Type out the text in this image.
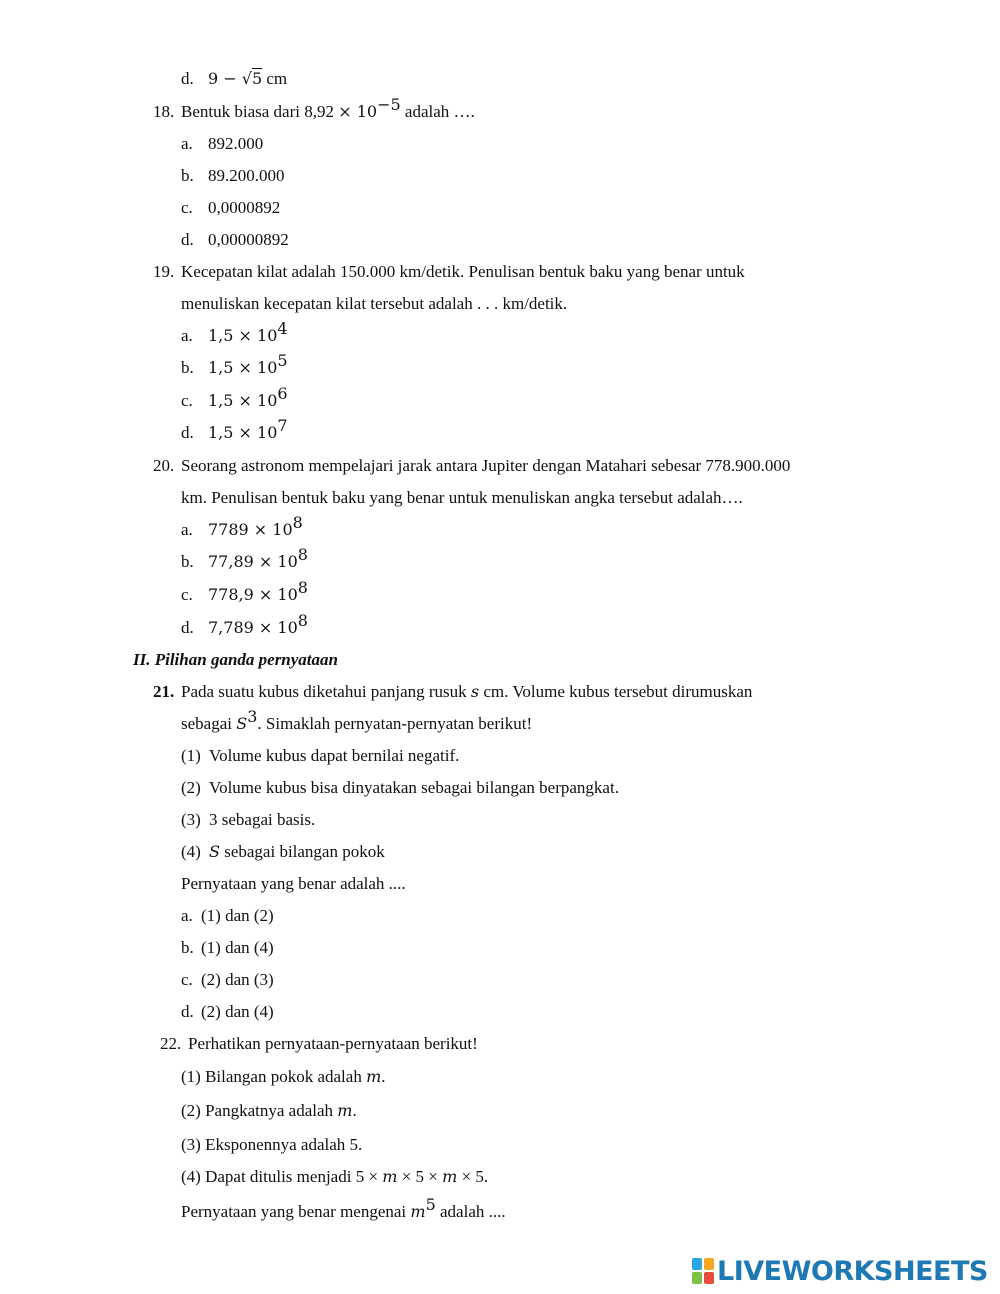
d. 9 − √5 cm
18. Bentuk biasa dari $8,92 \times 10^{-5}$ adalah ….
a. 892.000
b. 89.200.000
c. 0,0000892
d. 0,00000892
19. Kecepatan kilat adalah 150.000 km/detik. Penulisan bentuk baku yang benar untuk
menuliskan kecepatan kilat tersebut adalah . . . km/detik.
a. $1,5 \times 10^4$
b. $1,5 \times 10^5$
c. $1,5 \times 10^6$
d. $1,5 \times 10^7$
20. Seorang astronom mempelajari jarak antara Jupiter dengan Matahari sebesar 778.900.000
km. Penulisan bentuk baku yang benar untuk menuliskan angka tersebut adalah….
a. $7789 \times 10^8$
b. $77,89 \times 10^8$
c. $778,9 \times 10^8$
d. $7,789 \times 10^8$
II. Pilihan ganda pernyataan
21. Pada suatu kubus diketahui panjang rusuk s cm. Volume kubus tersebut dirumuskan
sebagai $S^3$. Simaklah pernyatan-pernyatan berikut!
(1) Volume kubus dapat bernilai negatif.
(2) Volume kubus bisa dinyatakan sebagai bilangan berpangkat.
(3) 3 sebagai basis.
(4) S sebagai bilangan pokok
Pernyataan yang benar adalah ....
a. (1) dan (2)
b. (1) dan (4)
c. (2) dan (3)
d. (2) dan (4)
22. Perhatikan pernyataan-pernyataan berikut!
(1) Bilangan pokok adalah m.
(2) Pangkatnya adalah m.
(3) Eksponennya adalah 5.
(4) Dapat ditulis menjadi 5 × m × 5 × m × 5.
Pernyataan yang benar mengenai $m^5$ adalah ....
LIVEWORKSHEETS
